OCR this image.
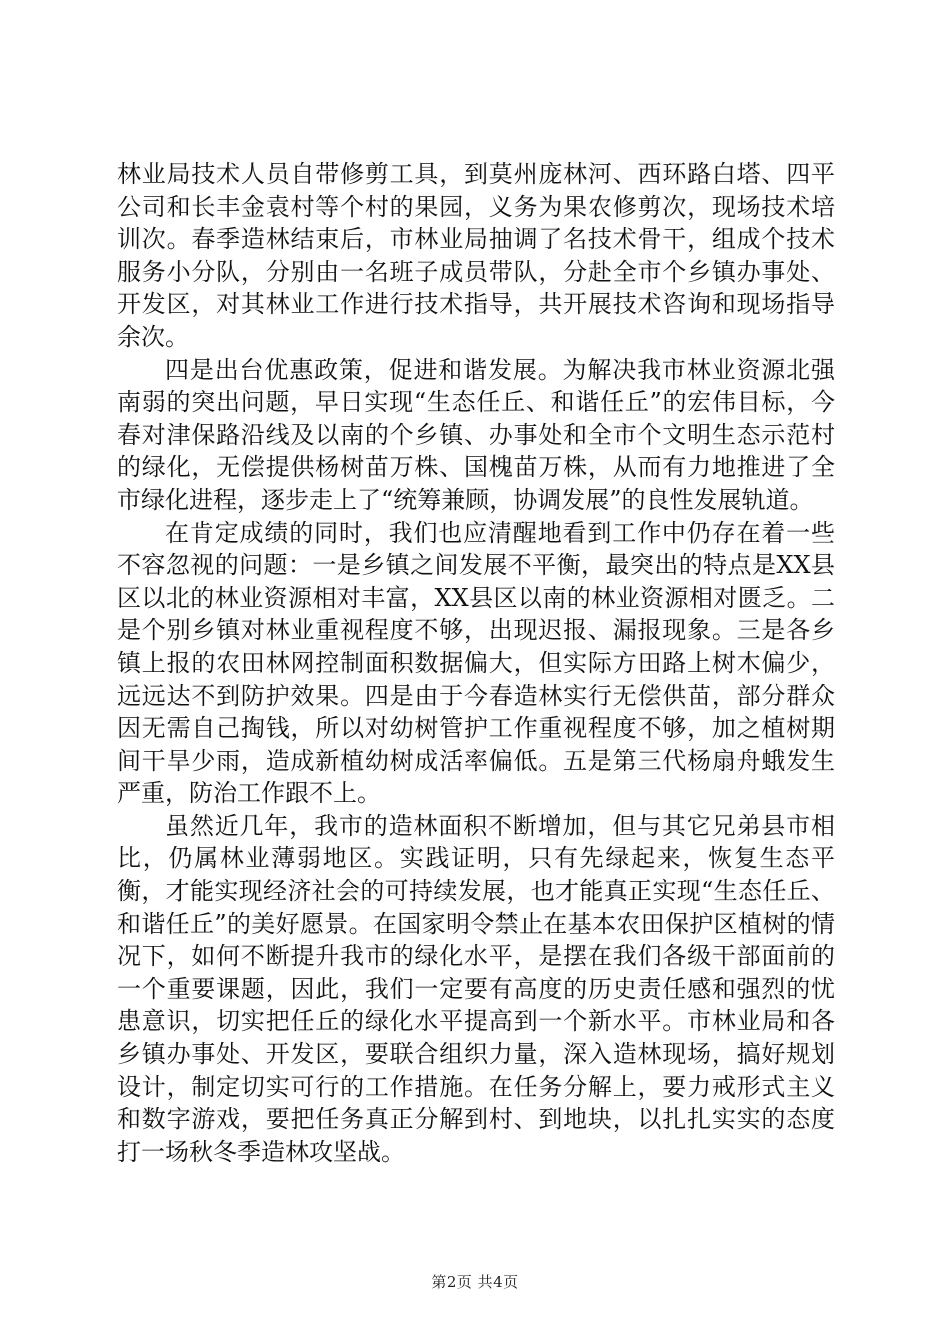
林业局技术人员自带修剪工具，到莫州庞林河、西环路白塔、四平公司和长丰金袁村等个村的果园，义务为果农修剪次，现场技术培训次。春季造林结束后，市林业局抽调了名技术骨干，组成个技术服务小分队，分别由一名班子成员带队，分赴全市个乡镇办事处、开发区，对其林业工作进行技术指导，共开展技术咨询和现场指导余次。

四是出台优惠政策，促进和谐发展。为解决我市林业资源北强南弱的突出问题，早日实现“生态任丘、和谐任丘”的宏伟目标，今春对津保路沿线及以南的个乡镇、办事处和全市个文明生态示范村的绿化，无偿提供杨树苗万株、国槐苗万株，从而有力地推进了全市绿化进程，逐步走上了“统筹兼顾，协调发展”的良性发展轨道。

在肯定成绩的同时，我们也应清醒地看到工作中仍存在着一些不容忽视的问题：一是乡镇之间发展不平衡，最突出的特点是XX县区以北的林业资源相对丰富，XX县区以南的林业资源相对匮乏。二是个别乡镇对林业重视程度不够，出现迟报、漏报现象。三是各乡镇上报的农田林网控制面积数据偏大，但实际方田路上树木偏少，远远达不到防护效果。四是由于今春造林实行无偿供苗，部分群众因无需自己掏钱，所以对幼树管护工作重视程度不够，加之植树期间干旱少雨，造成新植幼树成活率偏低。五是第三代杨扇舟蛾发生严重，防治工作跟不上。

虽然近几年，我市的造林面积不断增加，但与其它兄弟县市相比，仍属林业薄弱地区。实践证明，只有先绿起来，恢复生态平衡，才能实现经济社会的可持续发展，也才能真正实现“生态任丘、和谐任丘”的美好愿景。在国家明令禁止在基本农田保护区植树的情况下，如何不断提升我市的绿化水平，是摆在我们各级干部面前的一个重要课题，因此，我们一定要有高度的历史责任感和强烈的忧患意识，切实把任丘的绿化水平提高到一个新水平。市林业局和各乡镇办事处、开发区，要联合组织力量，深入造林现场，搞好规划设计，制定切实可行的工作措施。在任务分解上，要力戒形式主义和数字游戏，要把任务真正分解到村、到地块，以扎扎实实的态度打一场秋冬季造林攻坚战。

第2页 共4页
